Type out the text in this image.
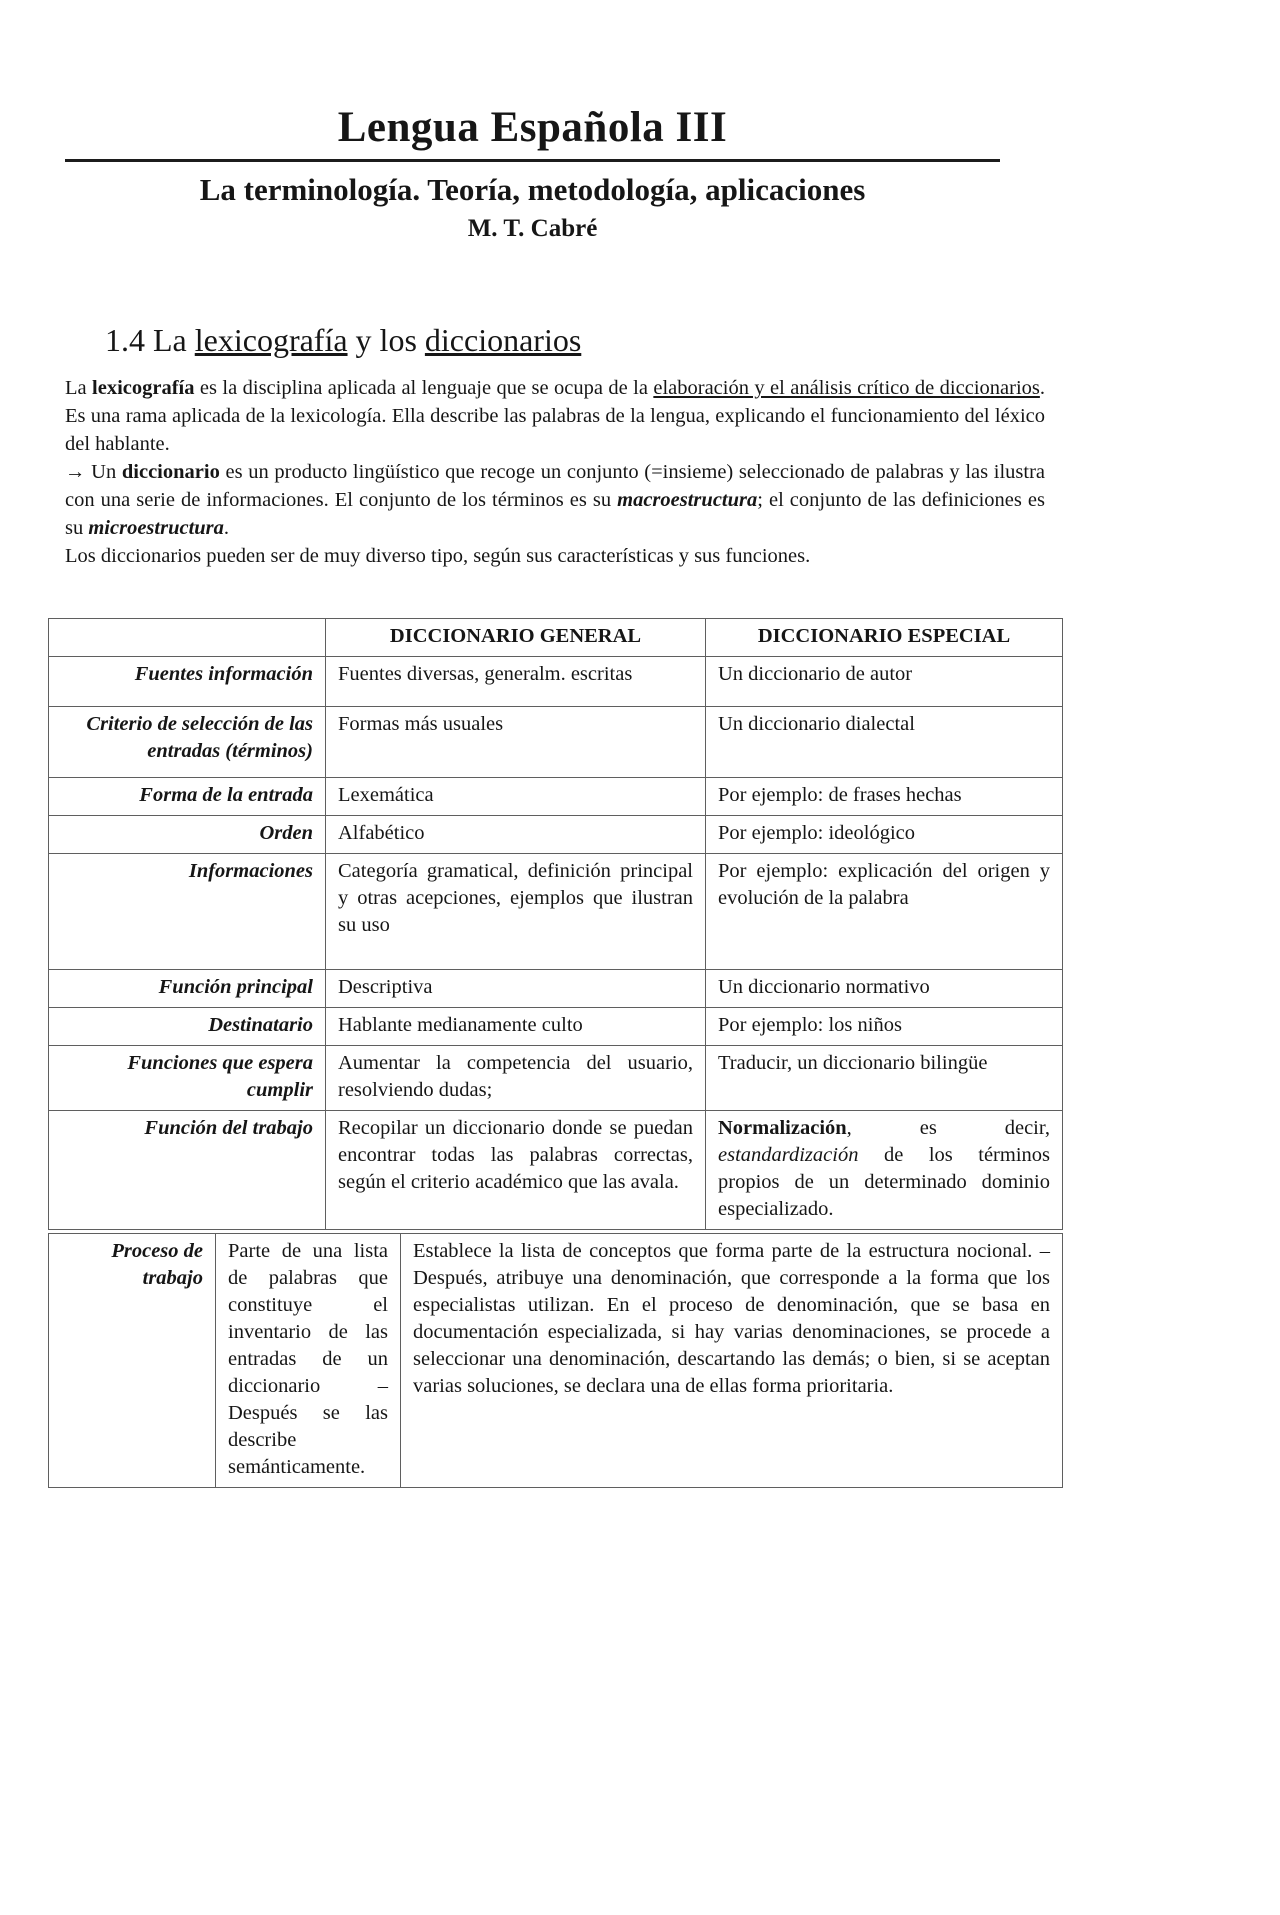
Lengua Española III
La terminología. Teoría, metodología, aplicaciones
M. T. Cabré
1.4 La lexicografía y los diccionarios

La lexicografía es la disciplina aplicada al lenguaje que se ocupa de la elaboración y el análisis crítico de diccionarios. Es una rama aplicada de la lexicología. Ella describe las palabras de la lengua, explicando el funcionamiento del léxico del hablante.

→ Un diccionario es un producto lingüístico que recoge un conjunto (=insieme) seleccionado de palabras y las ilustra con una serie de informaciones. El conjunto de los términos es su macroestructura; el conjunto de las definiciones es su microestructura.

Los diccionarios pueden ser de muy diverso tipo, según sus características y sus funciones.

	DICCIONARIO GENERAL	DICCIONARIO ESPECIAL
Fuentes información	Fuentes diversas, generalm. escritas	Un diccionario de autor
Criterio de selección de las entradas (términos)	Formas más usuales	Un diccionario dialectal
Forma de la entrada	Lexemática	Por ejemplo: de frases hechas
Orden	Alfabético	Por ejemplo: ideológico
Informaciones	Categoría gramatical, definición principal y otras acepciones, ejemplos que ilustran su uso	Por ejemplo: explicación del origen y evolución de la palabra
Función principal	Descriptiva	Un diccionario normativo
Destinatario	Hablante medianamente culto	Por ejemplo: los niños
Funciones que espera cumplir	Aumentar la competencia del usuario, resolviendo dudas;	Traducir, un diccionario bilingüe
Función del trabajo	Recopilar un diccionario donde se puedan encontrar todas las palabras correctas, según el criterio académico que las avala.	Normalización, es decir, estandardización de los términos propios de un determinado dominio especializado.
Proceso de trabajo	Parte de una lista de palabras que constituye el inventario de las entradas de un diccionario – Después se las describe semánticamente.	Establece la lista de conceptos que forma parte de la estructura nocional. – Después, atribuye una denominación, que corresponde a la forma que los especialistas utilizan. En el proceso de denominación, que se basa en documentación especializada, si hay varias denominaciones, se procede a seleccionar una denominación, descartando las demás; o bien, si se aceptan varias soluciones, se declara una de ellas forma prioritaria.
